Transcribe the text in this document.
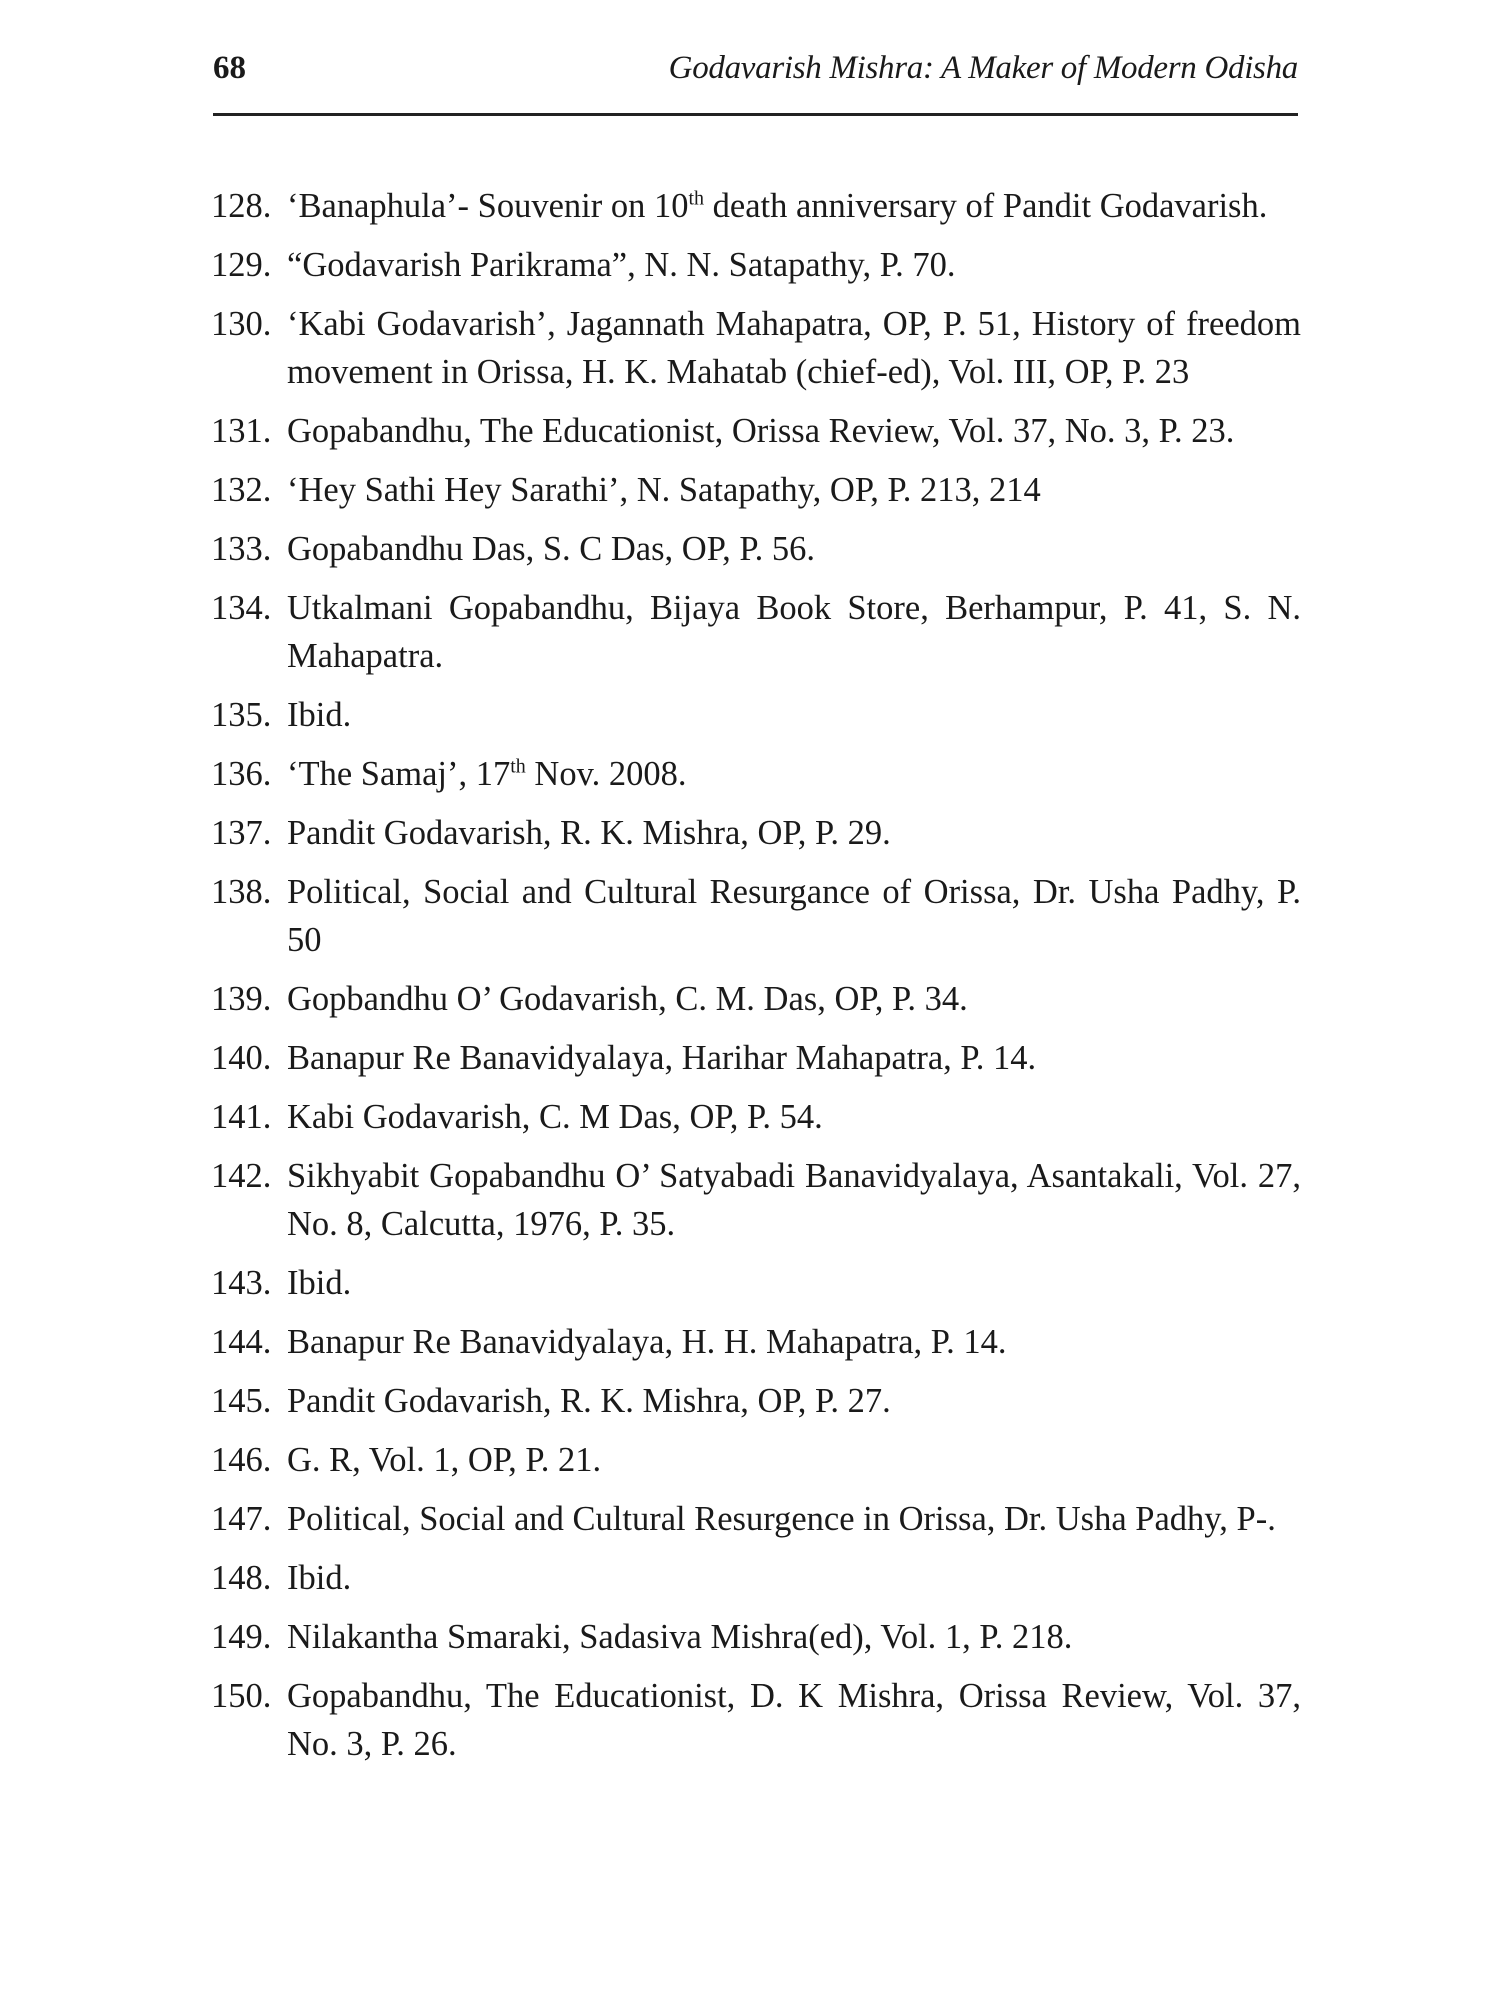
68	Godavarish Mishra: A Maker of Modern Odisha
128. ‘Banaphula’- Souvenir on 10th death anniversary of Pandit Godavarish.
129. “Godavarish Parikrama”, N. N. Satapathy, P. 70.
130. ‘Kabi Godavarish’, Jagannath Mahapatra, OP, P. 51, History of freedom movement in Orissa, H. K. Mahatab (chief-ed), Vol. III, OP, P. 23
131. Gopabandhu, The Educationist, Orissa Review, Vol. 37, No. 3, P. 23.
132. ‘Hey Sathi Hey Sarathi’, N. Satapathy, OP, P. 213, 214
133. Gopabandhu Das, S. C Das, OP, P. 56.
134. Utkalmani Gopabandhu, Bijaya Book Store, Berhampur, P. 41, S. N. Mahapatra.
135. Ibid.
136. ‘The Samaj’, 17th Nov. 2008.
137. Pandit Godavarish, R. K. Mishra, OP, P. 29.
138. Political, Social and Cultural Resurgance of Orissa, Dr. Usha Padhy, P. 50
139. Gopbandhu O’ Godavarish, C. M. Das, OP, P. 34.
140. Banapur Re Banavidyalaya, Harihar Mahapatra, P. 14.
141. Kabi Godavarish, C. M Das, OP, P. 54.
142. Sikhyabit Gopabandhu O’ Satyabadi Banavidyalaya, Asantakali, Vol. 27, No. 8, Calcutta, 1976, P. 35.
143. Ibid.
144. Banapur Re Banavidyalaya, H. H. Mahapatra, P. 14.
145. Pandit Godavarish, R. K. Mishra, OP, P. 27.
146. G. R, Vol. 1, OP, P. 21.
147. Political, Social and Cultural Resurgence in Orissa, Dr. Usha Padhy, P-.
148. Ibid.
149. Nilakantha Smaraki, Sadasiva Mishra(ed), Vol. 1, P. 218.
150. Gopabandhu, The Educationist, D. K Mishra, Orissa Review, Vol. 37, No. 3, P. 26.
